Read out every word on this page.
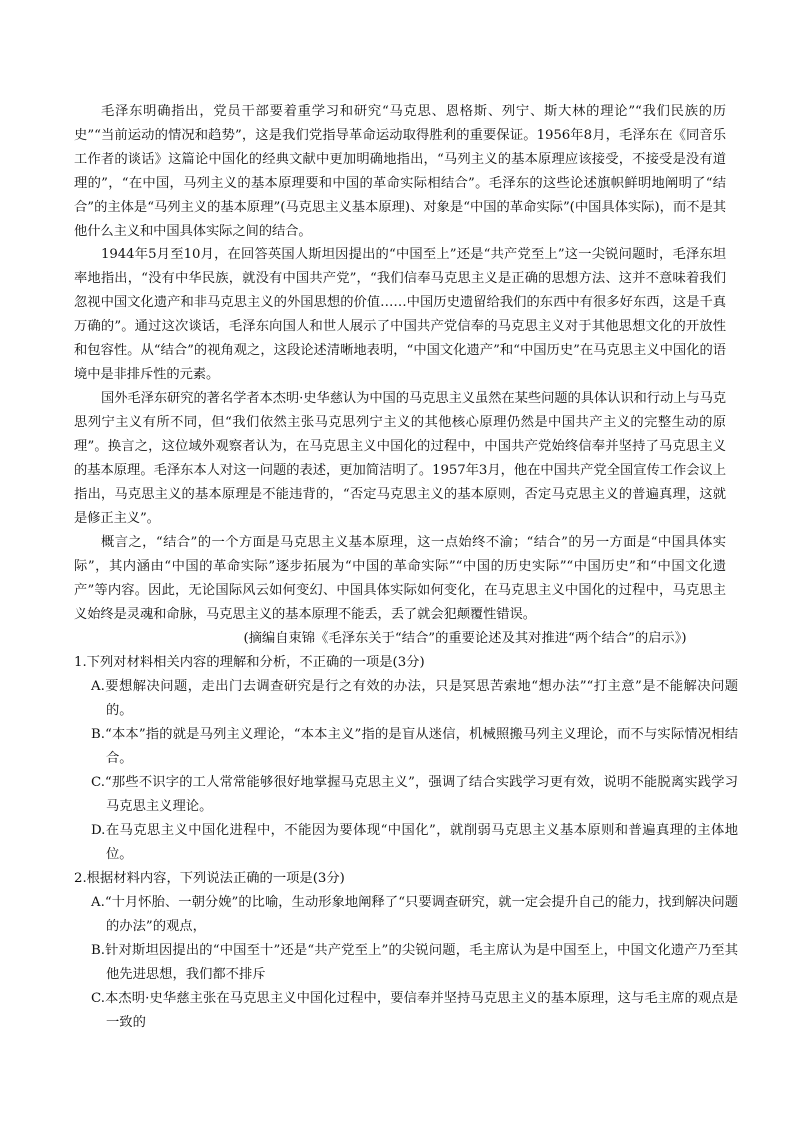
毛泽东明确指出，党员干部要着重学习和研究“马克思、恩格斯、列宁、斯大林的理论”“我们民族的历史”“当前运动的情况和趋势”，这是我们党指导革命运动取得胜利的重要保证。1956年8月，毛泽东在《同音乐工作者的谈话》这篇论中国化的经典文献中更加明确地指出，“马列主义的基本原理应该接受，不接受是没有道理的”，“在中国，马列主义的基本原理要和中国的革命实际相结合”。毛泽东的这些论述旗帜鲜明地阐明了“结合”的主体是“马列主义的基本原理”(马克思主义基本原理)、对象是“中国的革命实际”(中国具体实际)，而不是其他什么主义和中国具体实际之间的结合。

1944年5月至10月，在回答英国人斯坦因提出的“中国至上”还是“共产党至上”这一尖锐问题时，毛泽东坦率地指出，“没有中华民族，就没有中国共产党”，“我们信奉马克思主义是正确的思想方法、这并不意味着我们忽视中国文化遗产和非马克思主义的外国思想的价值……中国历史遗留给我们的东西中有很多好东西，这是千真万确的”。通过这次谈话，毛泽东向国人和世人展示了中国共产党信奉的马克思主义对于其他思想文化的开放性和包容性。从“结合”的视角观之，这段论述清晰地表明，“中国文化遗产”和“中国历史”在马克思主义中国化的语境中是非排斥性的元素。

国外毛泽东研究的著名学者本杰明·史华慈认为中国的马克思主义虽然在某些问题的具体认识和行动上与马克思列宁主义有所不同，但“我们依然主张马克思列宁主义的其他核心原理仍然是中国共产主义的完整生动的原理”。换言之，这位域外观察者认为，在马克思主义中国化的过程中，中国共产党始终信奉并坚持了马克思主义的基本原理。毛泽东本人对这一问题的表述，更加简洁明了。1957年3月，他在中国共产党全国宣传工作会议上指出，马克思主义的基本原理是不能违背的，“否定马克思主义的基本原则，否定马克思主义的普遍真理，这就是修正主义”。

概言之，“结合”的一个方面是马克思主义基本原理，这一点始终不渝；“结合”的另一方面是“中国具体实际”，其内涵由“中国的革命实际”逐步拓展为“中国的革命实际”“中国的历史实际”“中国历史”和“中国文化遗产”等内容。因此，无论国际风云如何变幻、中国具体实际如何变化，在马克思主义中国化的过程中，马克思主义始终是灵魂和命脉，马克思主义的基本原理不能丢，丢了就会犯颠覆性错误。

(摘编自束锦《毛泽东关于“结合”的重要论述及其对推进“两个结合”的启示》)

1.下列对材料相关内容的理解和分析，不正确的一项是(3分)

A.要想解决问题，走出门去调查研究是行之有效的办法，只是冥思苦索地“想办法”“打主意”是不能解决问题的。

B.“本本”指的就是马列主义理论，“本本主义”指的是盲从迷信，机械照搬马列主义理论，而不与实际情况相结合。

C.“那些不识字的工人常常能够很好地掌握马克思主义”，强调了结合实践学习更有效，说明不能脱离实践学习马克思主义理论。

D.在马克思主义中国化进程中，不能因为要体现“中国化”，就削弱马克思主义基本原则和普遍真理的主体地位。

2.根据材料内容，下列说法正确的一项是(3分)

A.“十月怀胎、一朝分娩”的比喻，生动形象地阐释了“只要调查研究，就一定会提升自己的能力，找到解决问题的办法”的观点，

B.针对斯坦因提出的“中国至十”还是“共产党至上”的尖锐问题，毛主席认为是中国至上，中国文化遗产乃至其他先进思想，我们都不排斥

C.本杰明·史华慈主张在马克思主义中国化过程中，要信奉并坚持马克思主义的基本原理，这与毛主席的观点是一致的
